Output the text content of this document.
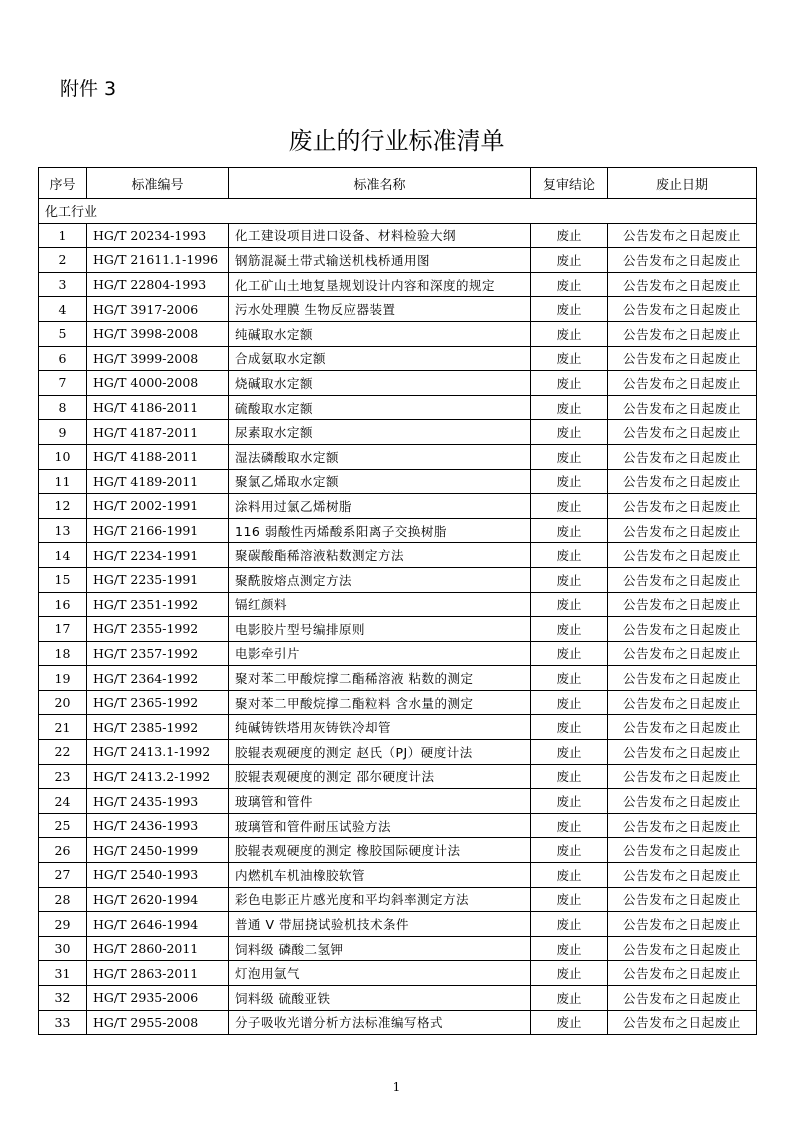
附件 3
废止的行业标准清单
序号	标准编号	标准名称	复审结论	废止日期
化工行业				
1	HG/T 20234-1993	化工建设项目进口设备、材料检验大纲	废止	公告发布之日起废止
2	HG/T 21611.1-1996	钢筋混凝土带式输送机栈桥通用图	废止	公告发布之日起废止
3	HG/T 22804-1993	化工矿山土地复垦规划设计内容和深度的规定	废止	公告发布之日起废止
4	HG/T 3917-2006	污水处理膜 生物反应器装置	废止	公告发布之日起废止
5	HG/T 3998-2008	纯碱取水定额	废止	公告发布之日起废止
6	HG/T 3999-2008	合成氨取水定额	废止	公告发布之日起废止
7	HG/T 4000-2008	烧碱取水定额	废止	公告发布之日起废止
8	HG/T 4186-2011	硫酸取水定额	废止	公告发布之日起废止
9	HG/T 4187-2011	尿素取水定额	废止	公告发布之日起废止
10	HG/T 4188-2011	湿法磷酸取水定额	废止	公告发布之日起废止
11	HG/T 4189-2011	聚氯乙烯取水定额	废止	公告发布之日起废止
12	HG/T 2002-1991	涂料用过氯乙烯树脂	废止	公告发布之日起废止
13	HG/T 2166-1991	116 弱酸性丙烯酸系阳离子交换树脂	废止	公告发布之日起废止
14	HG/T 2234-1991	聚碳酸酯稀溶液粘数测定方法	废止	公告发布之日起废止
15	HG/T 2235-1991	聚酰胺熔点测定方法	废止	公告发布之日起废止
16	HG/T 2351-1992	镉红颜料	废止	公告发布之日起废止
17	HG/T 2355-1992	电影胶片型号编排原则	废止	公告发布之日起废止
18	HG/T 2357-1992	电影牵引片	废止	公告发布之日起废止
19	HG/T 2364-1992	聚对苯二甲酸烷撑二酯稀溶液 粘数的测定	废止	公告发布之日起废止
20	HG/T 2365-1992	聚对苯二甲酸烷撑二酯粒料 含水量的测定	废止	公告发布之日起废止
21	HG/T 2385-1992	纯碱铸铁塔用灰铸铁冷却管	废止	公告发布之日起废止
22	HG/T 2413.1-1992	胶辊表观硬度的测定 赵氏（PJ）硬度计法	废止	公告发布之日起废止
23	HG/T 2413.2-1992	胶辊表观硬度的测定 邵尔硬度计法	废止	公告发布之日起废止
24	HG/T 2435-1993	玻璃管和管件	废止	公告发布之日起废止
25	HG/T 2436-1993	玻璃管和管件耐压试验方法	废止	公告发布之日起废止
26	HG/T 2450-1999	胶辊表观硬度的测定 橡胶国际硬度计法	废止	公告发布之日起废止
27	HG/T 2540-1993	内燃机车机油橡胶软管	废止	公告发布之日起废止
28	HG/T 2620-1994	彩色电影正片感光度和平均斜率测定方法	废止	公告发布之日起废止
29	HG/T 2646-1994	普通 V 带屈挠试验机技术条件	废止	公告发布之日起废止
30	HG/T 2860-2011	饲料级 磷酸二氢钾	废止	公告发布之日起废止
31	HG/T 2863-2011	灯泡用氩气	废止	公告发布之日起废止
32	HG/T 2935-2006	饲料级 硫酸亚铁	废止	公告发布之日起废止
33	HG/T 2955-2008	分子吸收光谱分析方法标准编写格式	废止	公告发布之日起废止
1
